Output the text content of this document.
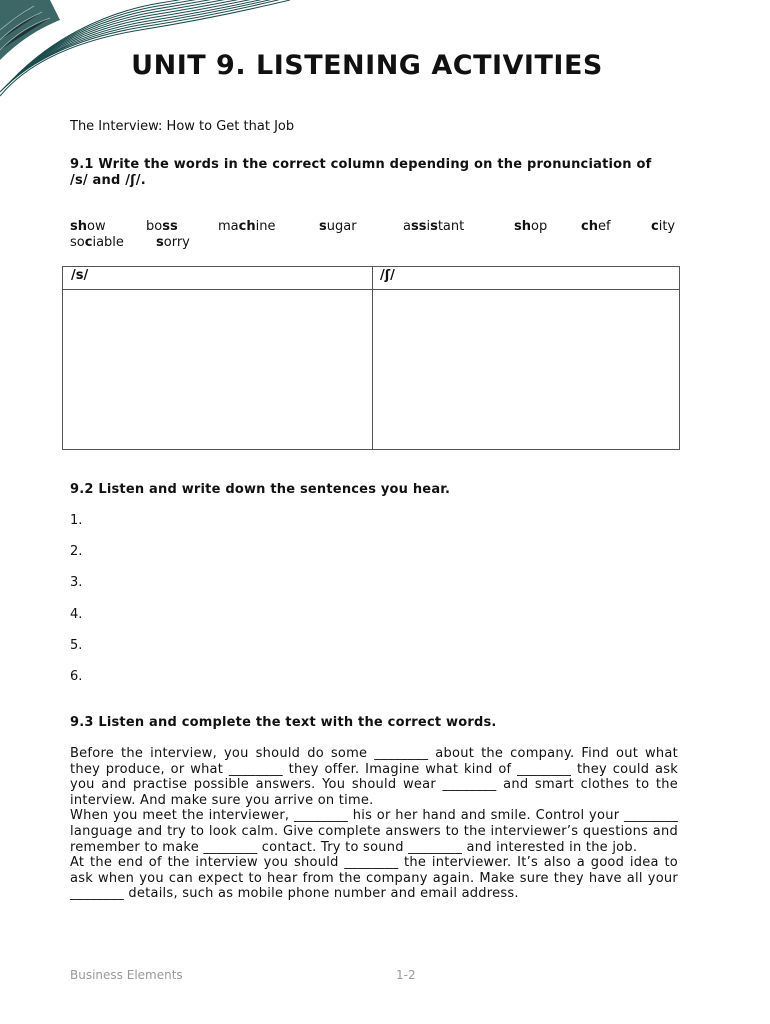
UNIT 9. LISTENING ACTIVITIES
The Interview: How to Get that Job
9.1 Write the words in the correct column depending on the pronunciation of
/s/ and /ʃ/.
show	boss	machine	sugar	assistant	shop	chef	city
sociable sorry
/s/	/ʃ/
9.2 Listen and write down the sentences you hear.
1.
2.
3.
4.
5.
6.
9.3 Listen and complete the text with the correct words.

Before the interview, you should do some ________ about the company. Find out what they produce, or what ________ they offer. Imagine what kind of ________ they could ask you and practise possible answers. You should wear ________ and smart clothes to the interview. And make sure you arrive on time.

When you meet the interviewer, ________ his or her hand and smile. Control your ________ language and try to look calm. Give complete answers to the interviewer’s questions and remember to make ________ contact. Try to sound ________ and interested in the job.

At the end of the interview you should ________ the interviewer. It’s also a good idea to ask when you can expect to hear from the company again. Make sure they have all your ________ details, such as mobile phone number and email address.

Business Elements	1-2
